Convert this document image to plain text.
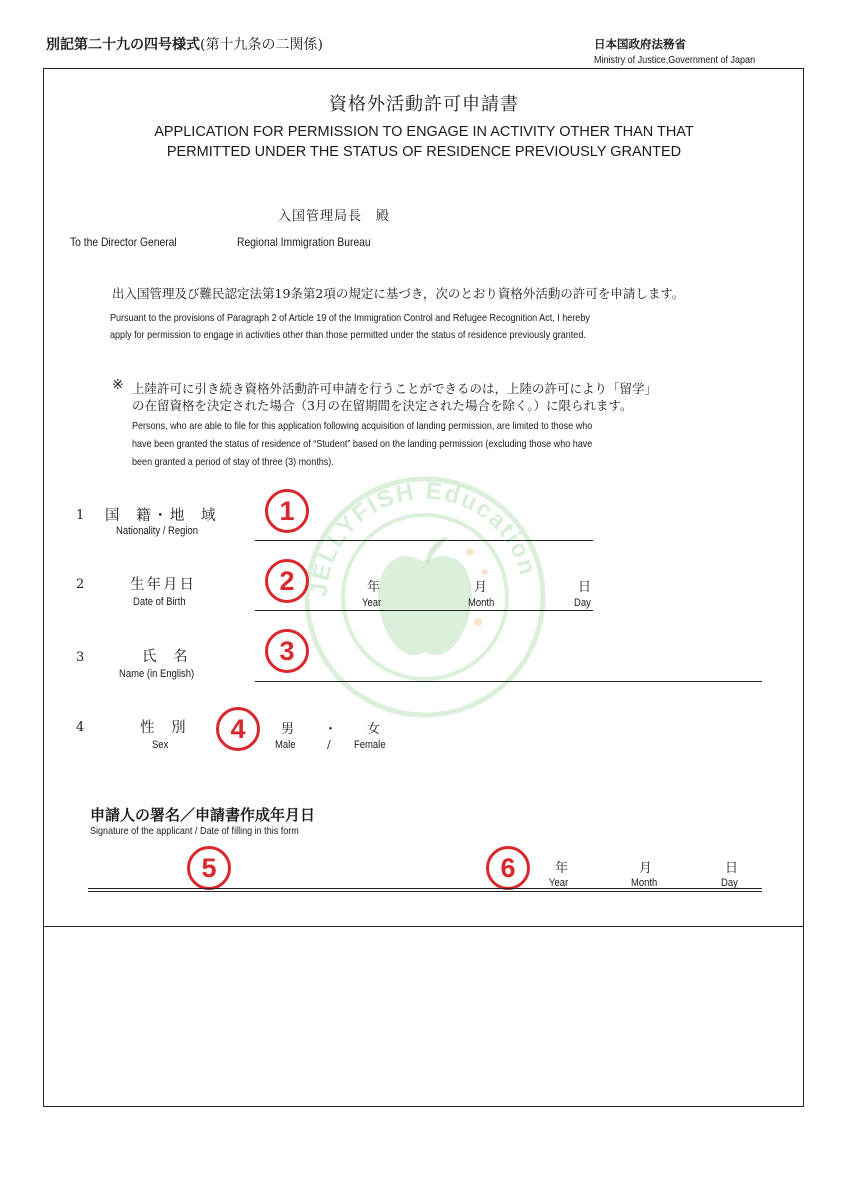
別記第二十九の四号様式(第十九条の二関係)	日本国政府法務省
Ministry of Justice,Government of Japan
JELLYFISH Education
資格外活動許可申請書
APPLICATION FOR PERMISSION TO ENGAGE IN ACTIVITY OTHER THAN THAT
PERMITTED UNDER THE STATUS OF RESIDENCE PREVIOUSLY GRANTED
入国管理局長　殿
To the Director General	Regional Immigration Bureau
出入国管理及び難民認定法第19条第2項の規定に基づき，次のとおり資格外活動の許可を申請します。
Pursuant to the provisions of Paragraph 2 of Article 19 of the Immigration Control and Refugee Recognition Act, I hereby
apply for permission to engage in activities other than those permitted under the status of residence previously granted.
※ 上陸許可に引き続き資格外活動許可申請を行うことができるのは，上陸の許可により「留学」
の在留資格を決定された場合（3月の在留期間を決定された場合を除く。）に限られます。
Persons, who are able to file for this application following acquisition of landing permission, are limited to those who
have been granted the status of residence of “Student” based on the landing permission (excluding those who have
been granted a period of stay of three (3) months).
1 国 籍･地 域
Nationality / Region
1
2	生年月日
Date of Birth
2	年
Year
月
Month
日
Day
3	氏 名
Name (in English)
3
4	性 別
Sex
4	男 ・ 女
Male	/ Female
申請人の署名／申請書作成年月日
Signature of the applicant / Date of filling in this form
5	6	年
Year
月
Month
日
Day
